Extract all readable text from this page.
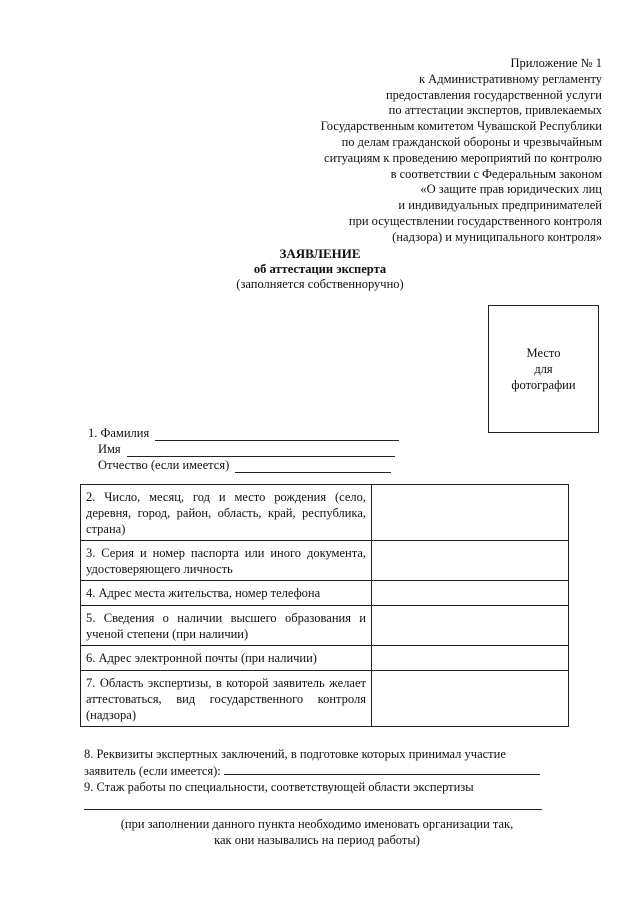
Приложение № 1
к Административному регламенту
предоставления государственной услуги
по аттестации экспертов, привлекаемых
Государственным комитетом Чувашской Республики
по делам гражданской обороны и чрезвычайным
ситуациям к проведению мероприятий по контролю
в соответствии с Федеральным законом
«О защите прав юридических лиц
и индивидуальных предпринимателей
при осуществлении государственного контроля
(надзора) и муниципального контроля»
ЗАЯВЛЕНИЕ
об аттестации эксперта
(заполняется собственноручно)
Место
для
фотографии
1. Фамилия
Имя
Отчество (если имеется)
2. Число, месяц, год и место рождения (село, деревня, город, район, область, край, республика, страна)	
3. Серия и номер паспорта или иного документа, удостоверяющего личность	
4. Адрес места жительства, номер телефона	
5. Сведения о наличии высшего образования и ученой степени (при наличии)	
6. Адрес электронной почты (при наличии)	
7. Область экспертизы, в которой заявитель желает аттестоваться, вид государственного контроля (надзора)	
8. Реквизиты экспертных заключений, в подготовке которых принимал участие
заявитель (если имеется):
9. Стаж работы по специальности, соответствующей области экспертизы
(при заполнении данного пункта необходимо именовать организации так,
как они назывались на период работы)
